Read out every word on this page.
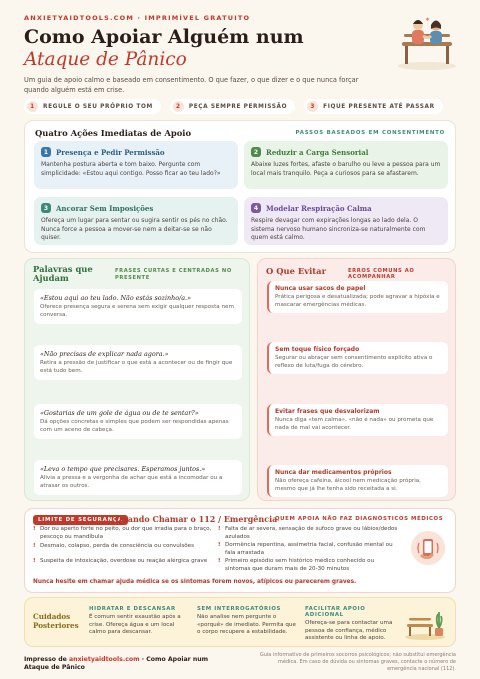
ANXIETYAIDTOOLS.COM · IMPRIMÍVEL GRATUITO
Como Apoiar Alguém num
Ataque de Pânico
Um guia de apoio calmo e baseado em consentimento. O que fazer, o que dizer e o que nunca forçar quando alguém está em crise.
1	REGULE O SEU PRÓPRIO TOM	2	PEÇA SEMPRE PERMISSÃO	3	FIQUE PRESENTE ATÉ PASSAR
Quatro Ações Imediatas de Apoio	PASSOS BASEADOS EM CONSENTIMENTO
1	Presença e Pedir Permissão
Mantenha postura aberta e tom baixo. Pergunte com simplicidade: «Estou aqui contigo. Posso ficar ao teu lado?»
2	Reduzir a Carga Sensorial
Abaixe luzes fortes, afaste o barulho ou leve a pessoa para um local mais tranquilo. Peça a curiosos para se afastarem.
3	Ancorar Sem Imposições
Ofereça um lugar para sentar ou sugira sentir os pés no chão. Nunca force a pessoa a mover-se nem a deitar-se se não quiser.
4	Modelar Respiração Calma
Respire devagar com expirações longas ao lado dela. O sistema nervoso humano sincroniza-se naturalmente com quem está calmo.
Palavras que Ajudam
FRASES CURTAS E CENTRADAS NO PRESENTE
«Estou aqui ao teu lado. Não estás sozinho/a.»
Oferece presença segura e serena sem exigir qualquer resposta nem conversa.
«Não precisas de explicar nada agora.»
Retira a pressão de justificar o que está a acontecer ou de fingir que está tudo bem.
«Gostarias de um gole de água ou de te sentar?»
Dá opções concretas e simples que podem ser respondidas apenas com um aceno de cabeça.
«Leva o tempo que precisares. Esperamos juntos.»
Alivia a pressa e a vergonha de achar que está a incomodar ou a atrasar os outros.
O Que Evitar	ERROS COMUNS AO ACOMPANHAR
Nunca usar sacos de papel
Prática perigosa e desatualizada; pode agravar a hipóxia e mascarar emergências médicas.
Sem toque físico forçado
Segurar ou abraçar sem consentimento explícito ativa o reflexo de luta/fuga do cérebro.
Evitar frases que desvalorizam
Nunca diga «tem calma», «não é nada» ou prometa que nada de mal vai acontecer.
Nunca dar medicamentos próprios
Não ofereça cafeína, álcool nem medicação própria, mesmo que já lhe tenha sido receitada a si.
LIMITE DE SEGURANÇA
Quando Chamar o 112 / Emergência
QUEM APOIA NÃO FAZ DIAGNÓSTICOS MÉDICOS
! Dor ou aperto forte no peito, ou dor que irradia para o braço, pescoço ou mandíbula
! Desmaio, colapso, perda de consciência ou convulsões
! Suspeita de intoxicação, overdose ou reação alérgica grave
! Falta de ar severa, sensação de sufoco grave ou lábios/dedos azulados
! Dormência repentina, assimetria facial, confusão mental ou fala arrastada
! Primeiro episódio sem histórico médico conhecido ou sintomas que duram mais de 20-30 minutos
Nunca hesite em chamar ajuda médica se os sintomas forem novos, atípicos ou parecerem graves.
Cuidados Posteriores
HIDRATAR E DESCANSAR
É comum sentir exaustão após a crise. Ofereça água e um local calmo para descansar.
SEM INTERROGATÓRIOS
Não analise nem pergunte o «porquê» de imediato. Permita que o corpo recupere a estabilidade.
FACILITAR APOIO ADICIONAL
Ofereça-se para contactar uma pessoa de confiança, médico assistente ou linha de apoio.
Impresso de anxietyaidtools.com · Como Apoiar num Ataque de Pânico
Guia informativo de primeiros socorros psicológicos; não substitui emergência médica. Em caso de dúvida ou sintomas graves, contacte o número de emergência nacional (112).
